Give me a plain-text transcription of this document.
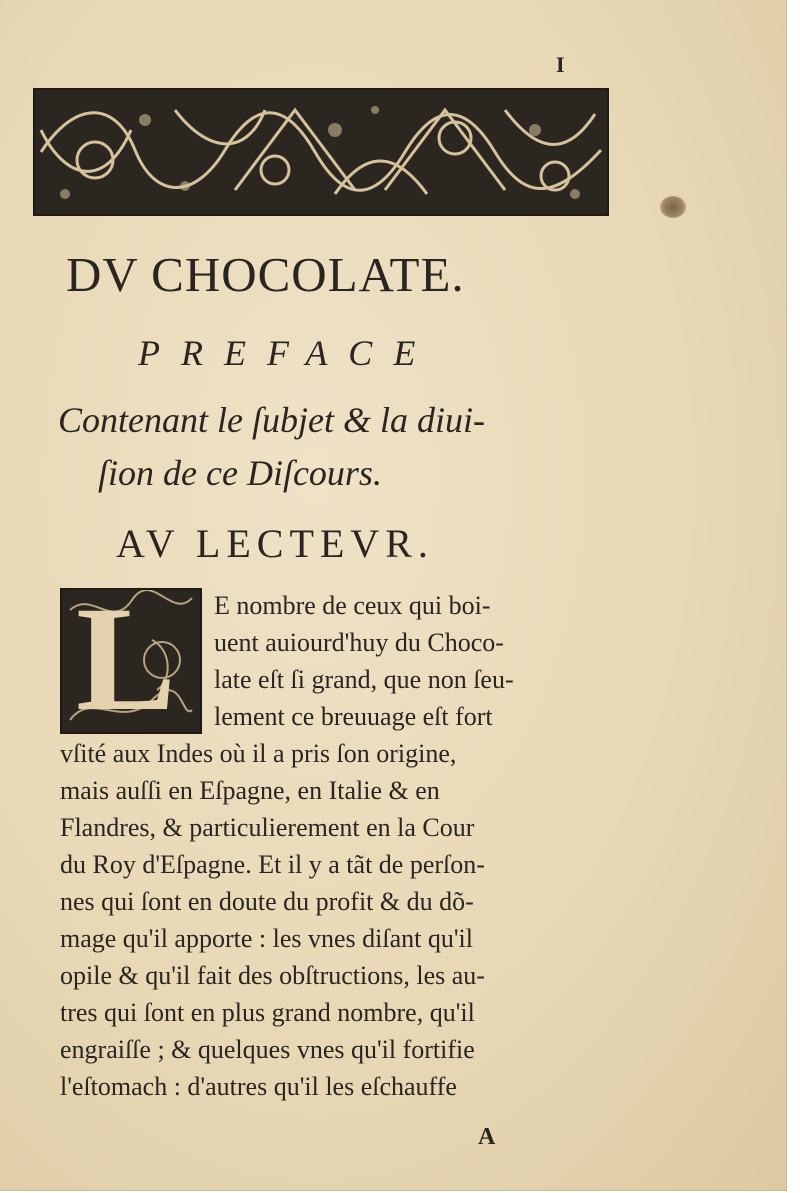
I
DV CHOCOLATE.
PREFACE
Contenant le ſubjet & la diui-
ſion de ce Diſcours.
AV LECTEVR.
L E nombre de ceux qui boi-
uent auiourd'huy du Choco-
late eſt ſi grand, que non ſeu-
lement ce breuuage eſt fort
vſité aux Indes où il a pris ſon origine,
mais auſſi en Eſpagne, en Italie & en
Flandres, & particulierement en la Cour
du Roy d'Eſpagne. Et il y a tãt de perſon-
nes qui ſont en doute du profit & du dõ-
mage qu'il apporte : les vnes diſant qu'il
opile & qu'il fait des obſtructions, les au-
tres qui ſont en plus grand nombre, qu'il
engraiſſe ; & quelques vnes qu'il fortifie
l'eſtomach : d'autres qu'il les eſchauffe
A
